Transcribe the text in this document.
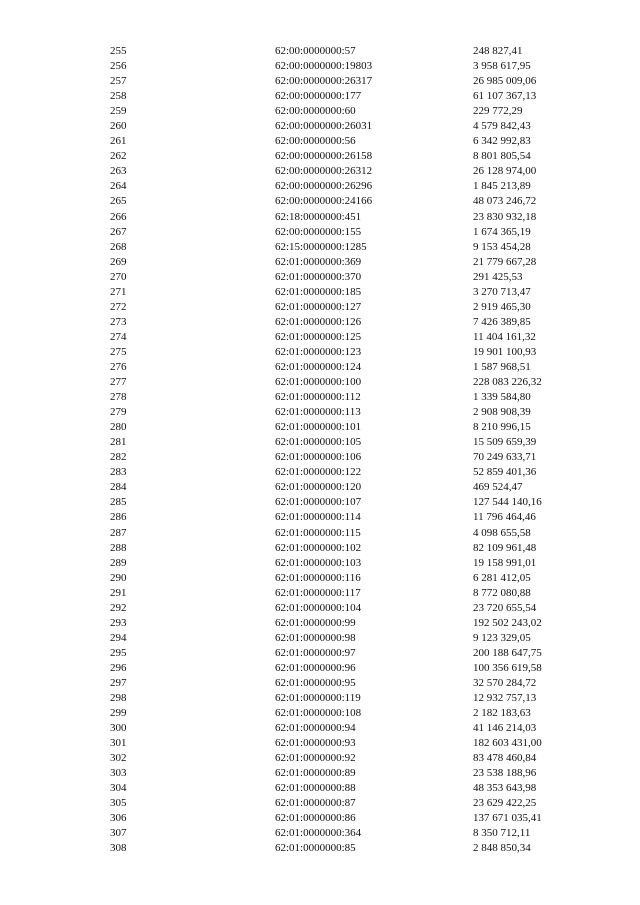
255	62:00:0000000:57	248 827,41
256	62:00:0000000:19803	3 958 617,95
257	62:00:0000000:26317	26 985 009,06
258	62:00:0000000:177	61 107 367,13
259	62:00:0000000:60	229 772,29
260	62:00:0000000:26031	4 579 842,43
261	62:00:0000000:56	6 342 992,83
262	62:00:0000000:26158	8 801 805,54
263	62:00:0000000:26312	26 128 974,00
264	62:00:0000000:26296	1 845 213,89
265	62:00:0000000:24166	48 073 246,72
266	62:18:0000000:451	23 830 932,18
267	62:00:0000000:155	1 674 365,19
268	62:15:0000000:1285	9 153 454,28
269	62:01:0000000:369	21 779 667,28
270	62:01:0000000:370	291 425,53
271	62:01:0000000:185	3 270 713,47
272	62:01:0000000:127	2 919 465,30
273	62:01:0000000:126	7 426 389,85
274	62:01:0000000:125	11 404 161,32
275	62:01:0000000:123	19 901 100,93
276	62:01:0000000:124	1 587 968,51
277	62:01:0000000:100	228 083 226,32
278	62:01:0000000:112	1 339 584,80
279	62:01:0000000:113	2 908 908,39
280	62:01:0000000:101	8 210 996,15
281	62:01:0000000:105	15 509 659,39
282	62:01:0000000:106	70 249 633,71
283	62:01:0000000:122	52 859 401,36
284	62:01:0000000:120	469 524,47
285	62:01:0000000:107	127 544 140,16
286	62:01:0000000:114	11 796 464,46
287	62:01:0000000:115	4 098 655,58
288	62:01:0000000:102	82 109 961,48
289	62:01:0000000:103	19 158 991,01
290	62:01:0000000:116	6 281 412,05
291	62:01:0000000:117	8 772 080,88
292	62:01:0000000:104	23 720 655,54
293	62:01:0000000:99	192 502 243,02
294	62:01:0000000:98	9 123 329,05
295	62:01:0000000:97	200 188 647,75
296	62:01:0000000:96	100 356 619,58
297	62:01:0000000:95	32 570 284,72
298	62:01:0000000:119	12 932 757,13
299	62:01:0000000:108	2 182 183,63
300	62:01:0000000:94	41 146 214,03
301	62:01:0000000:93	182 603 431,00
302	62:01:0000000:92	83 478 460,84
303	62:01:0000000:89	23 538 188,96
304	62:01:0000000:88	48 353 643,98
305	62:01:0000000:87	23 629 422,25
306	62:01:0000000:86	137 671 035,41
307	62:01:0000000:364	8 350 712,11
308	62:01:0000000:85	2 848 850,34
